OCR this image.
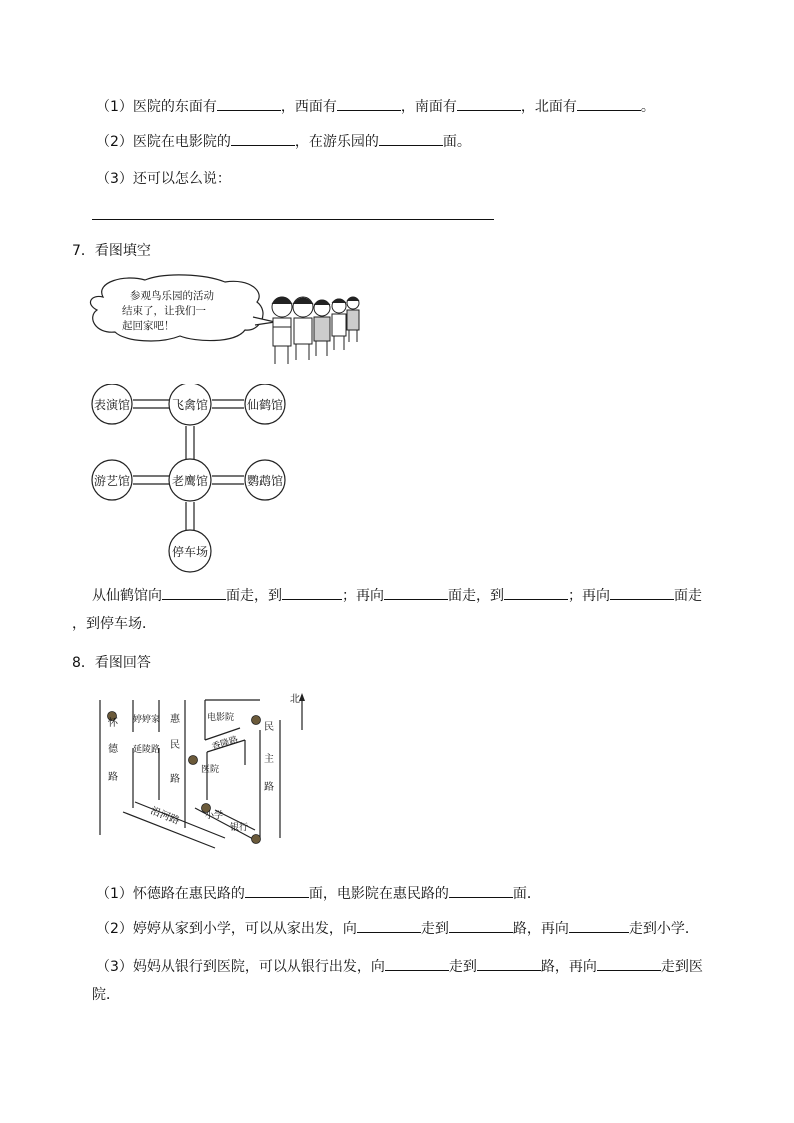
（1）医院的东面有	，西面有	，南面有	，北面有	。
（2）医院在电影院的	，在游乐园的	面。
（3）还可以怎么说：
7．看图填空
参观鸟乐园的活动
结束了，让我们一
起回家吧！
表演馆	飞禽馆	仙鹤馆
游艺馆	老鹰馆	鹦鹉馆
停车场
从仙鹤馆向	面走，到	；再向	面走，到	；再向	面走
，到停车场．
8．看图回答
北
怀
德
路
惠
民
路
民
主
路
婷婷家
延陵路
电影院
香隆路
医院
小学
银行
沿河路
（1）怀德路在惠民路的	面，电影院在惠民路的	面．
（2）婷婷从家到小学，可以从家出发，向	走到	路，再向	走到小学．
（3）妈妈从银行到医院，可以从银行出发，向	走到	路，再向	走到医
院．
